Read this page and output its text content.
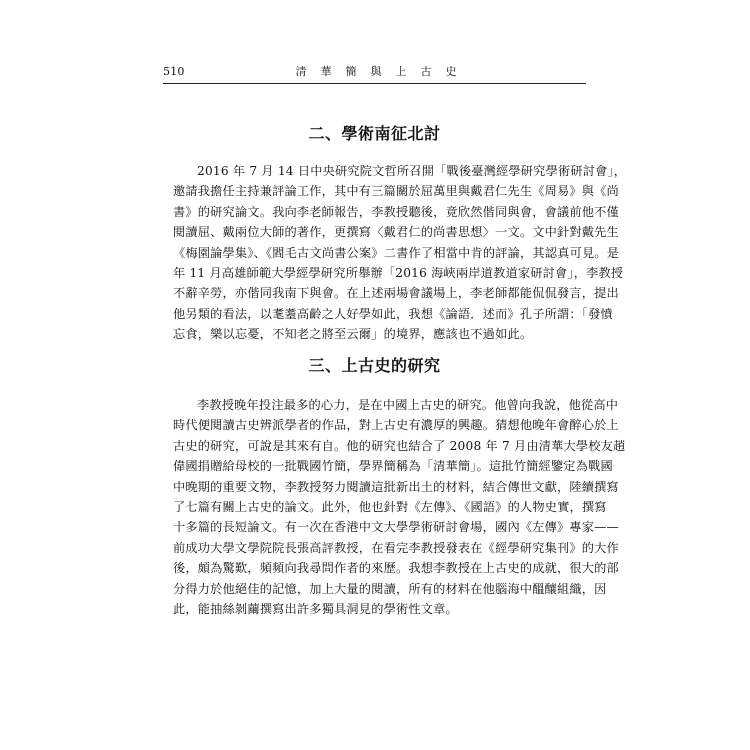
510	清華簡與上古史
二、學術南征北討
2016 年 7 月 14 日中央研究院文哲所召開「戰後臺灣經學研究學術研討會」，
邀請我擔任主持兼評論工作，其中有三篇關於屈萬里與戴君仁先生《周易》與《尚
書》的研究論文。我向李老師報告，李教授聽後，竟欣然偕同與會，會議前他不僅
閱讀屈、戴兩位大師的著作，更撰寫〈戴君仁的尚書思想〉一文。文中針對戴先生
《梅園論學集》、《閻毛古文尚書公案》二書作了相當中肯的評論，其認真可見。是
年 11 月高雄師範大學經學研究所舉辦「2016 海峽兩岸道教道家研討會」，李教授
不辭辛勞，亦偕同我南下與會。在上述兩場會議場上，李老師都能侃侃發言，提出
他另類的看法，以耄耋高齡之人好學如此，我想《論語．述而》孔子所謂：「發憤
忘食，樂以忘憂，不知老之將至云爾」的境界，應該也不過如此。
三、上古史的研究
李教授晚年投注最多的心力，是在中國上古史的研究。他曾向我說，他從高中
時代便閱讀古史辨派學者的作品，對上古史有濃厚的興趣。猜想他晚年會醉心於上
古史的研究，可說是其來有自。他的研究也結合了 2008 年 7 月由清華大學校友趙
偉國捐贈給母校的一批戰國竹簡，學界簡稱為「清華簡」。這批竹簡經鑒定為戰國
中晚期的重要文物，李教授努力閱讀這批新出土的材料，結合傳世文獻，陸續撰寫
了七篇有關上古史的論文。此外，他也針對《左傳》、《國語》的人物史實，撰寫
十多篇的長短論文。有一次在香港中文大學學術研討會場，國內《左傳》專家——
前成功大學文學院院長張高評教授，在看完李教授發表在《經學研究集刊》的大作
後，頗為驚歎，頻頻向我尋問作者的來歷。我想李教授在上古史的成就，很大的部
分得力於他絕佳的記憶，加上大量的閱讀，所有的材料在他腦海中醞釀組織，因
此，能抽絲剝繭撰寫出許多獨具洞見的學術性文章。
